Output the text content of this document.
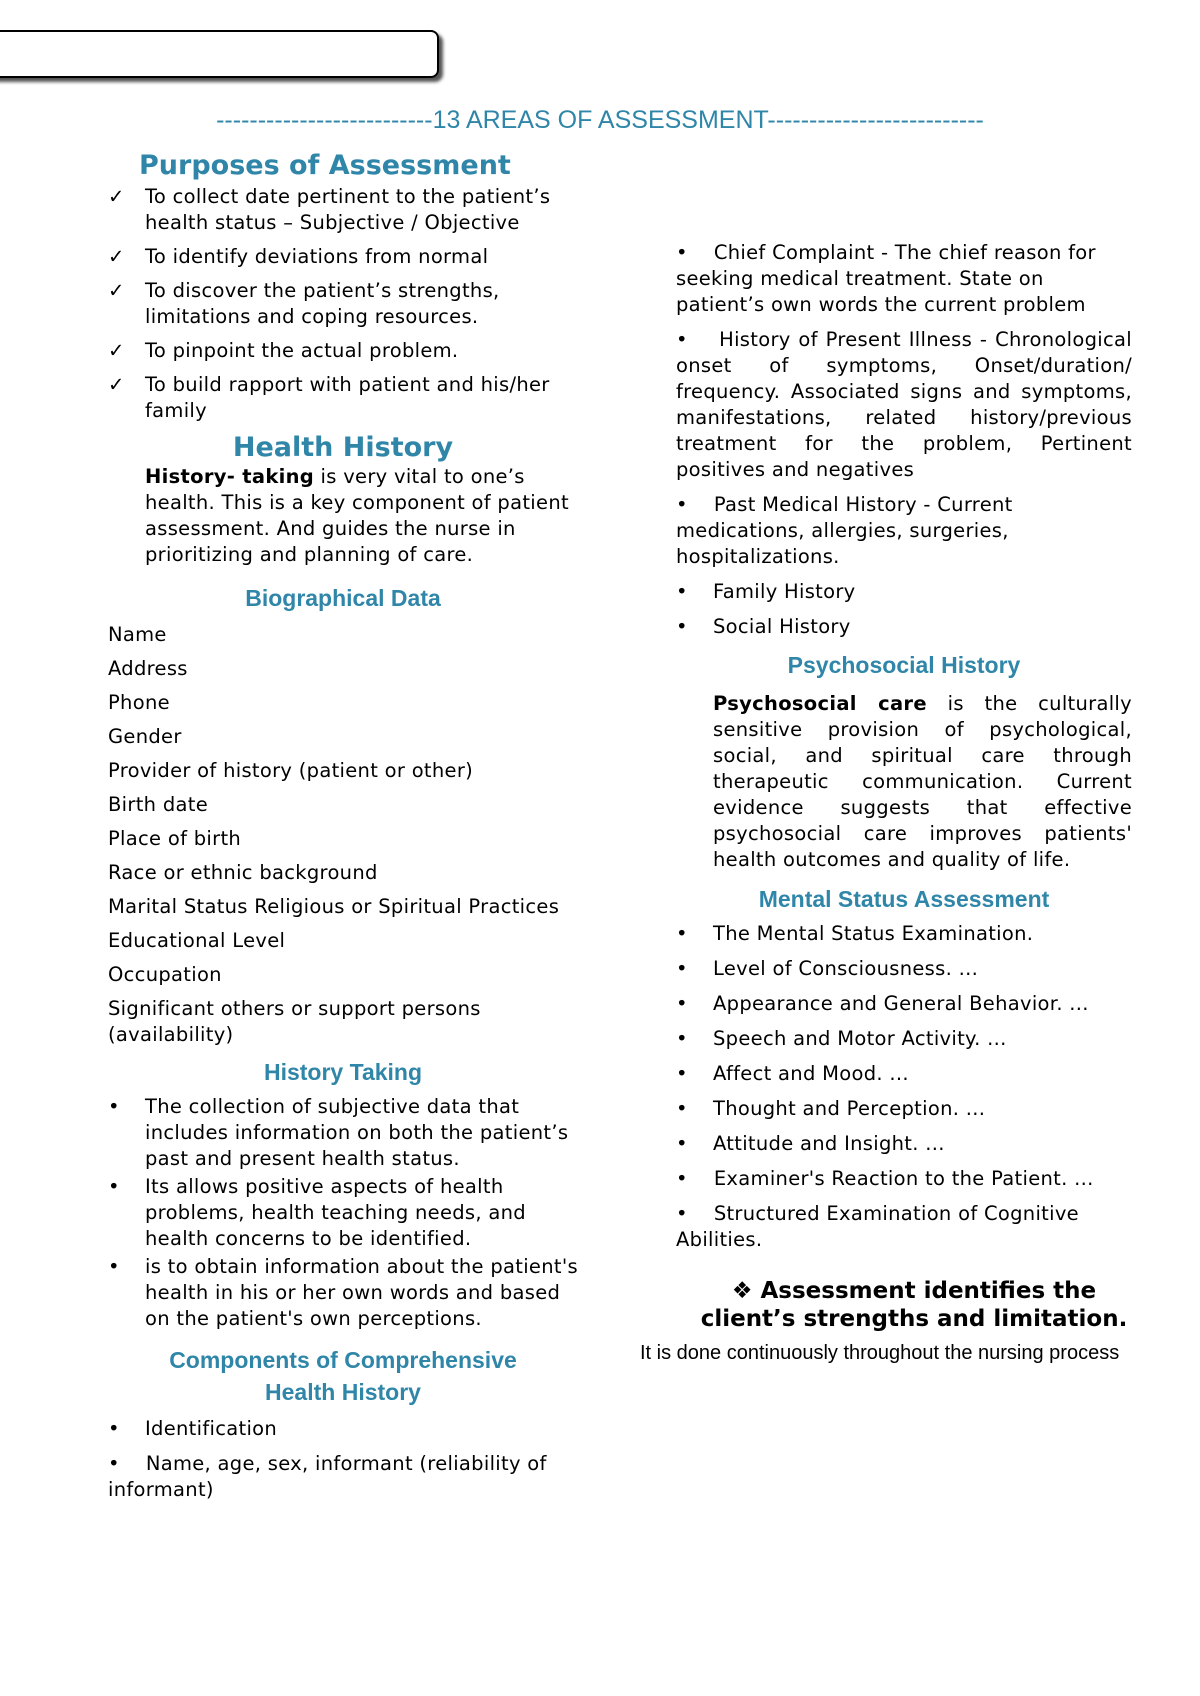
--------------------------13 AREAS OF ASSESSMENT--------------------------
Purposes of Assessment
✓ To collect date pertinent to the patient’s health status – Subjective / Objective
✓ To identify deviations from normal
✓ To discover the patient’s strengths, limitations and coping resources.
✓ To pinpoint the actual problem.
✓ To build rapport with patient and his/her family
Health History
History- taking is very vital to one’s health. This is a key component of patient assessment. And guides the nurse in prioritizing and planning of care.
Biographical Data
Name
Address
Phone
Gender
Provider of history (patient or other)
Birth date
Place of birth
Race or ethnic background
Marital Status Religious or Spiritual Practices
Educational Level
Occupation
Significant others or support persons (availability)
History Taking
• The collection of subjective data that includes information on both the patient’s past and present health status.
• Its allows positive aspects of health problems, health teaching needs, and health concerns to be identified.
• is to obtain information about the patient's health in his or her own words and based on the patient's own perceptions.
Components of Comprehensive
Health History
• Identification
• Name, age, sex, informant (reliability of informant)
• Chief Complaint - The chief reason for seeking medical treatment. State on patient’s own words the current problem
• History of Present Illness - Chronological onset of symptoms, Onset/duration/ frequency. Associated signs and symptoms, manifestations, related history/previous treatment for the problem, Pertinent positives and negatives
• Past Medical History - Current medications, allergies, surgeries, hospitalizations.
• Family History
• Social History
Psychosocial History
Psychosocial care is the culturally sensitive provision of psychological, social, and spiritual care through therapeutic communication. Current evidence suggests that effective psychosocial care improves patients' health outcomes and quality of life.
Mental Status Assessment
• The Mental Status Examination.
• Level of Consciousness. ...
• Appearance and General Behavior. ...
• Speech and Motor Activity. ...
• Affect and Mood. ...
• Thought and Perception. ...
• Attitude and Insight. ...
• Examiner's Reaction to the Patient. ...
• Structured Examination of Cognitive Abilities.
❖ Assessment identifies the client’s strengths and limitation.
It is done continuously throughout the nursing process
